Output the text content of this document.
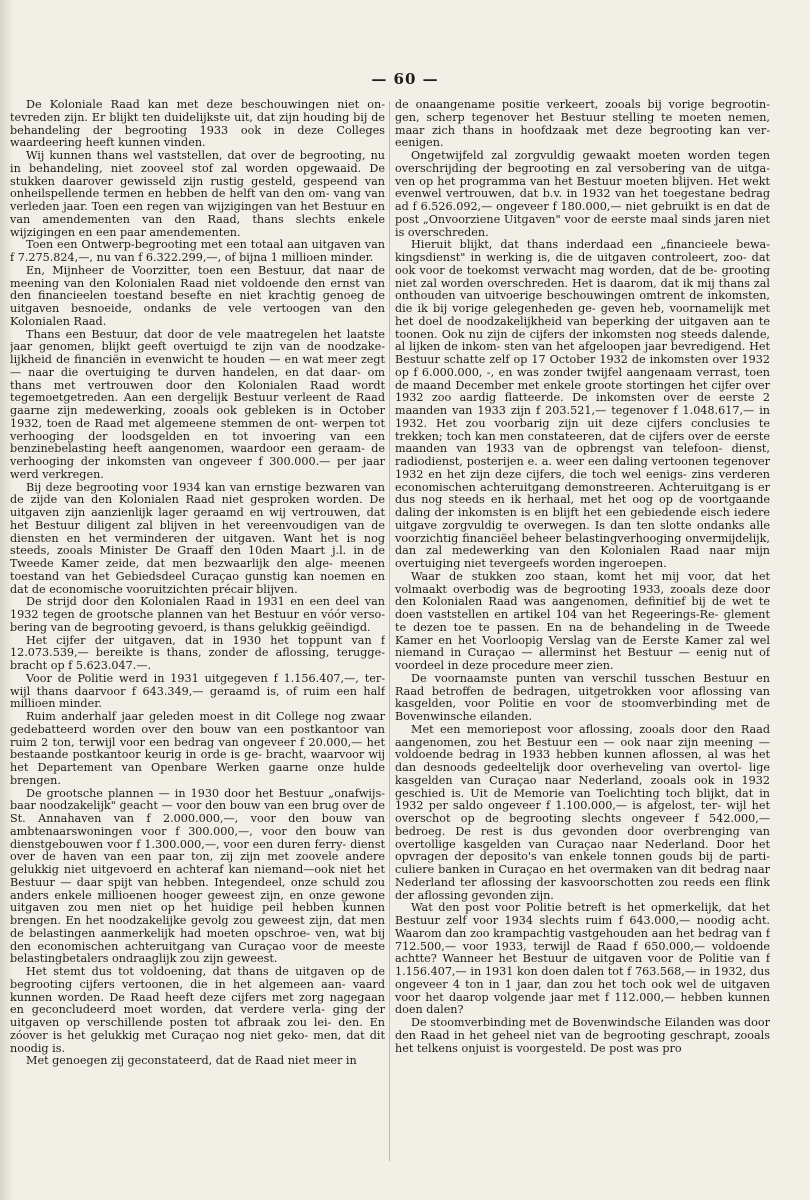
— 60 —

De Koloniale Raad kan met deze beschouwingen niet on- tevreden zijn. Er blijkt ten duidelijkste uit, dat zijn houding bij de behandeling der begrooting 1933 ook in deze Colleges waardeering heeft kunnen vinden.

Wij kunnen thans wel vaststellen, dat over de begrooting, nu in behandeling, niet zooveel stof zal worden opgewaaid. De stukken daarover gewisseld zijn rustig gesteld, gespeend van onheilspellende termen en hebben de helft van den om- vang van verleden jaar. Toen een regen van wijzigingen van het Bestuur en van amendementen van den Raad, thans slechts enkele wijzigingen en een paar amendementen.

Toen een Ontwerp-begrooting met een totaal aan uitgaven van f 7.275.824,—, nu van f 6.322.299,—, of bijna 1 millioen minder.

En, Mijnheer de Voorzitter, toen een Bestuur, dat naar de meening van den Kolonialen Raad niet voldoende den ernst van den financieelen toestand besefte en niet krachtig genoeg de uitgaven besnoeide, ondanks de vele vertoogen van den Kolonialen Raad.

Thans een Bestuur, dat door de vele maatregelen het laatste jaar genomen, blijkt geeft overtuigd te zijn van de noodzake- lijkheid de financiën in evenwicht te houden — en wat meer zegt — naar die overtuiging te durven handelen, en dat daar- om thans met vertrouwen door den Kolonialen Raad wordt tegemoetgetreden. Aan een dergelijk Bestuur verleent de Raad gaarne zijn medewerking, zooals ook gebleken is in October 1932, toen de Raad met algemeene stemmen de ont- werpen tot verhooging der loodsgelden en tot invoering van een benzinebelasting heeft aangenomen, waardoor een geraam- de verhooging der inkomsten van ongeveer f 300.000.— per jaar werd verkregen.

Bij deze begrooting voor 1934 kan van ernstige bezwaren van de zijde van den Kolonialen Raad niet gesproken worden. De uitgaven zijn aanzienlijk lager geraamd en wij vertrouwen, dat het Bestuur diligent zal blijven in het vereenvoudigen van de diensten en het verminderen der uitgaven. Want het is nog steeds, zooals Minister De Graaff den 10den Maart j.l. in de Tweede Kamer zeide, dat men bezwaarlijk den alge- meenen toestand van het Gebiedsdeel Curaçao gunstig kan noemen en dat de economische vooruitzichten précair blijven.

De strijd door den Kolonialen Raad in 1931 en een deel van 1932 tegen de grootsche plannen van het Bestuur en vóór verso- bering van de begrooting gevoerd, is thans gelukkig geëindigd.

Het cijfer der uitgaven, dat in 1930 het toppunt van f 12.073.539,— bereikte is thans, zonder de aflossing, terugge- bracht op f 5.623.047.—.

Voor de Politie werd in 1931 uitgegeven f 1.156.407,—, ter- wijl thans daarvoor f 643.349,— geraamd is, of ruim een half millioen minder.

Ruim anderhalf jaar geleden moest in dit College nog zwaar gedebatteerd worden over den bouw van een postkantoor van ruim 2 ton, terwijl voor een bedrag van ongeveer f 20.000,— het bestaande postkantoor keurig in orde is ge- bracht, waarvoor wij het Departement van Openbare Werken gaarne onze hulde brengen.

De grootsche plannen — in 1930 door het Bestuur „onafwijs- baar noodzakelijk" geacht — voor den bouw van een brug over de St. Annahaven van f 2.000.000,—, voor den bouw van ambtenaarswoningen voor f 300.000,—, voor den bouw van dienstgebouwen voor f 1.300.000,—, voor een duren ferry- dienst over de haven van een paar ton, zij zijn met zoovele andere gelukkig niet uitgevoerd en achteraf kan niemand—ook niet het Bestuur — daar spijt van hebben. Integendeel, onze schuld zou anders enkele millioenen hooger geweest zijn, en onze gewone uitgaven zou men niet op het huidige peil hebben kunnen brengen. En het noodzakelijke gevolg zou geweest zijn, dat men de belastingen aanmerkelijk had moeten opschroe- ven, wat bij den economischen achteruitgang van Curaçao voor de meeste belastingbetalers ondraaglijk zou zijn geweest.

Het stemt dus tot voldoening, dat thans de uitgaven op de begrooting cijfers vertoonen, die in het algemeen aan- vaard kunnen worden. De Raad heeft deze cijfers met zorg nagegaan en geconcludeerd moet worden, dat verdere verla- ging der uitgaven op verschillende posten tot afbraak zou lei- den. En zóover is het gelukkig met Curaçao nog niet geko- men, dat dit noodig is.

Met genoegen zij geconstateerd, dat de Raad niet meer in

de onaangename positie verkeert, zooals bij vorige begrootin- gen, scherp tegenover het Bestuur stelling te moeten nemen, maar zich thans in hoofdzaak met deze begrooting kan ver- eenigen.

Ongetwijfeld zal zorgvuldig gewaakt moeten worden tegen overschrijding der begrooting en zal versobering van de uitga- ven op het programma van het Bestuur moeten blijven. Het wekt evenwel vertrouwen, dat b.v. in 1932 van het toegestane bedrag ad f 6.526.092,— ongeveer f 180.000,— niet gebruikt is en dat de post „Onvoorziene Uitgaven" voor de eerste maal sinds jaren niet is overschreden.

Hieruit blijkt, dat thans inderdaad een „financieele bewa- kingsdienst" in werking is, die de uitgaven controleert, zoo- dat ook voor de toekomst verwacht mag worden, dat de be- grooting niet zal worden overschreden. Het is daarom, dat ik mij thans zal onthouden van uitvoerige beschouwingen omtrent de inkomsten, die ik bij vorige gelegenheden ge- geven heb, voornamelijk met het doel de noodzakelijkheid van beperking der uitgaven aan te toonen. Ook nu zijn de cijfers der inkomsten nog steeds dalende, al lijken de inkom- sten van het afgeloopen jaar bevredigend. Het Bestuur schatte zelf op 17 October 1932 de inkomsten over 1932 op f 6.000.000, -, en was zonder twijfel aangenaam verrast, toen de maand December met enkele groote stortingen het cijfer over 1932 zoo aardig flatteerde. De inkomsten over de eerste 2 maanden van 1933 zijn f 203.521,— tegenover f 1.048.617,— in 1932. Het zou voorbarig zijn uit deze cijfers conclusies te trekken; toch kan men constateeren, dat de cijfers over de eerste maanden van 1933 van de opbrengst van telefoon- dienst, radiodienst, posterijen e. a. weer een daling vertoonen tegenover 1932 en het zijn deze cijfers, die toch wel eenigs- zins verderen economischen achteruitgang demonstreeren. Achteruitgang is er dus nog steeds en ik herhaal, met het oog op de voortgaande daling der inkomsten is en blijft het een gebiedende eisch iedere uitgave zorgvuldig te overwegen. Is dan ten slotte ondanks alle voorzichtig financiëel beheer belastingverhooging onvermijdelijk, dan zal medewerking van den Kolonialen Raad naar mijn overtuiging niet tevergeefs worden ingeroepen.

Waar de stukken zoo staan, komt het mij voor, dat het volmaakt overbodig was de begrooting 1933, zooals deze door den Kolonialen Raad was aangenomen, definitief bij de wet te doen vaststellen en artikel 104 van het Regeerings-Re- glement te dezen toe te passen. En na de behandeling in de Tweede Kamer en het Voorloopig Verslag van de Eerste Kamer zal wel niemand in Curaçao — allerminst het Bestuur — eenig nut of voordeel in deze procedure meer zien.

De voornaamste punten van verschil tusschen Bestuur en Raad betroffen de bedragen, uitgetrokken voor aflossing van kasgelden, voor Politie en voor de stoomverbinding met de Bovenwinsche eilanden.

Met een memoriepost voor aflossing, zooals door den Raad aangenomen, zou het Bestuur een — ook naar zijn meening — voldoende bedrag in 1933 hebben kunnen aflossen, al was het dan desnoods gedeeltelijk door overheveling van overtol- lige kasgelden van Curaçao naar Nederland, zooals ook in 1932 geschied is. Uit de Memorie van Toelichting toch blijkt, dat in 1932 per saldo ongeveer f 1.100.000,— is afgelost, ter- wijl het overschot op de begrooting slechts ongeveer f 542.000,— bedroeg. De rest is dus gevonden door overbrenging van overtollige kasgelden van Curaçao naar Nederland. Door het opvragen der deposito's van enkele tonnen gouds bij de parti- culiere banken in Curaçao en het overmaken van dit bedrag naar Nederland ter aflossing der kasvoorschotten zou reeds een flink der aflossing gevonden zijn.

Wat den post voor Politie betreft is het opmerkelijk, dat het Bestuur zelf voor 1934 slechts ruim f 643.000,— noodig acht. Waarom dan zoo krampachtig vastgehouden aan het bedrag van f 712.500,— voor 1933, terwijl de Raad f 650.000,— voldoende achtte? Wanneer het Bestuur de uitgaven voor de Politie van f 1.156.407,— in 1931 kon doen dalen tot f 763.568,— in 1932, dus ongeveer 4 ton in 1 jaar, dan zou het toch ook wel de uitgaven voor het daarop volgende jaar met f 112.000,— hebben kunnen doen dalen?

De stoomverbinding met de Bovenwindsche Eilanden was door den Raad in het geheel niet van de begrooting geschrapt, zooals het telkens onjuist is voorgesteld. De post was pro
